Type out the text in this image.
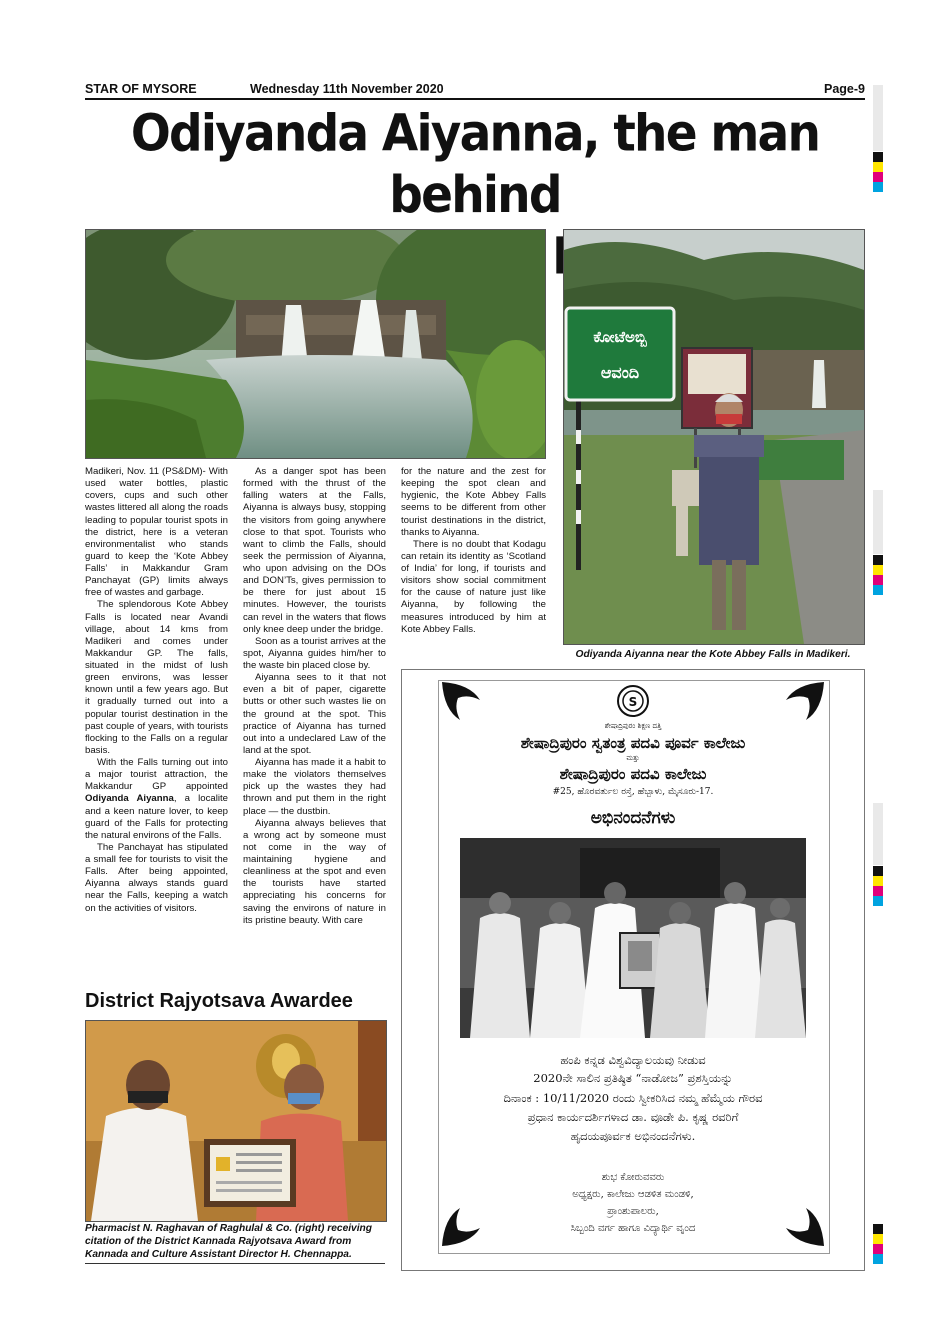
STAR OF MYSORE	Wednesday 11th November 2020	Page-9
Odiyanda Aiyanna, the man behind
ಕೋಟೆಅಬ್ಬಿ
ಆವಂದಿ
Odiyanda Aiyanna near the Kote Abbey Falls in Madikeri.

Madikeri, Nov. 11 (PS&DM)- With used water bottles, plastic covers, cups and such other wastes littered all along the roads leading to popular tourist spots in the district, here is a veteran environmentalist who stands guard to keep the ‘Kote Abbey Falls’ in Makkandur Gram Panchayat (GP) limits always free of wastes and garbage.

The splendorous Kote Abbey Falls is located near Avandi village, about 14 kms from Madikeri and comes under Makkandur GP. The falls, situated in the midst of lush green environs, was lesser known until a few years ago. But it gradually turned out into a popular tourist destination in the past couple of years, with tourists flocking to the Falls on a regular basis.

With the Falls turning out into a major tourist attraction, the Makkandur GP appointed Odiyanda Aiyanna, a localite and a keen nature lover, to keep guard of the Falls for protecting the natural environs of the Falls.

The Panchayat has stipulated a small fee for tourists to visit the Falls. After being appointed, Aiyanna always stands guard near the Falls, keeping a watch on the activities of visitors.

As a danger spot has been formed with the thrust of the falling waters at the Falls, Aiyanna is always busy, stopping the visitors from going anywhere close to that spot. Tourists who want to climb the Falls, should seek the permission of Aiyanna, who upon advising on the DOs and DON’Ts, gives permission to be there for just about 15 minutes. However, the tourists can revel in the waters that flows only knee deep under the bridge.

Soon as a tourist arrives at the spot, Aiyanna guides him/her to the waste bin placed close by.

Aiyanna sees to it that not even a bit of paper, cigarette butts or other such wastes lie on the ground at the spot. This practice of Aiyanna has turned out into a undeclared Law of the land at the spot.

Aiyanna has made it a habit to make the violators themselves pick up the wastes they had thrown and put them in the right place — the dustbin.

Aiyanna always believes that a wrong act by someone must not come in the way of maintaining hygiene and cleanliness at the spot and even the tourists have started appreciating his concerns for saving the environs of nature in its pristine beauty. With care

for the nature and the zest for keeping the spot clean and hygienic, the Kote Abbey Falls seems to be different from other tourist destinations in the district, thanks to Aiyanna.

There is no doubt that Kodagu can retain its identity as ‘Scotland of India’ for long, if tourists and visitors show social commitment for the cause of nature just like Aiyanna, by following the measures introduced by him at Kote Abbey Falls.

District Rajyotsava Awardee
Pharmacist N. Raghavan of Raghulal & Co. (right) receiving citation of the District Kannada Rajyotsava Award from Kannada and Culture Assistant Director H. Chennappa.
S
ಶೇಷಾದ್ರಿಪುರಂ ಶಿಕ್ಷಣ ದತ್ತಿ
ಶೇಷಾದ್ರಿಪುರಂ ಸ್ವತಂತ್ರ ಪದವಿ ಪೂರ್ವ ಕಾಲೇಜು
ಮತ್ತು
ಶೇಷಾದ್ರಿಪುರಂ ಪದವಿ ಕಾಲೇಜು
#25, ಹೊರವರ್ತುಲ ರಸ್ತೆ, ಹೆಬ್ಬಾಳು, ಮೈಸೂರು-17.
ಅಭಿನಂದನೆಗಳು
ಹಂಪಿ ಕನ್ನಡ ವಿಶ್ವವಿದ್ಯಾಲಯವು ನೀಡುವ
2020ನೇ ಸಾಲಿನ ಪ್ರತಿಷ್ಠಿತ “ನಾಡೋಜ” ಪ್ರಶಸ್ತಿಯನ್ನು
ದಿನಾಂಕ : 10/11/2020 ರಂದು ಸ್ವೀಕರಿಸಿದ ನಮ್ಮ ಹೆಮ್ಮೆಯ ಗೌರವ
ಪ್ರಧಾನ ಕಾರ್ಯದರ್ಶಿಗಳಾದ ಡಾ. ವೂಡೇ ಪಿ. ಕೃಷ್ಣ ರವರಿಗೆ
ಹೃದಯಪೂರ್ವಕ ಅಭಿನಂದನೆಗಳು.
ಶುಭ ಕೋರುವವರು
ಅಧ್ಯಕ್ಷರು, ಕಾಲೇಜು ಆಡಳಿತ ಮಂಡಳಿ,
ಪ್ರಾಂಶುಪಾಲರು,
ಸಿಬ್ಬಂದಿ ವರ್ಗ ಹಾಗೂ ವಿದ್ಯಾರ್ಥಿ ವೃಂದ
